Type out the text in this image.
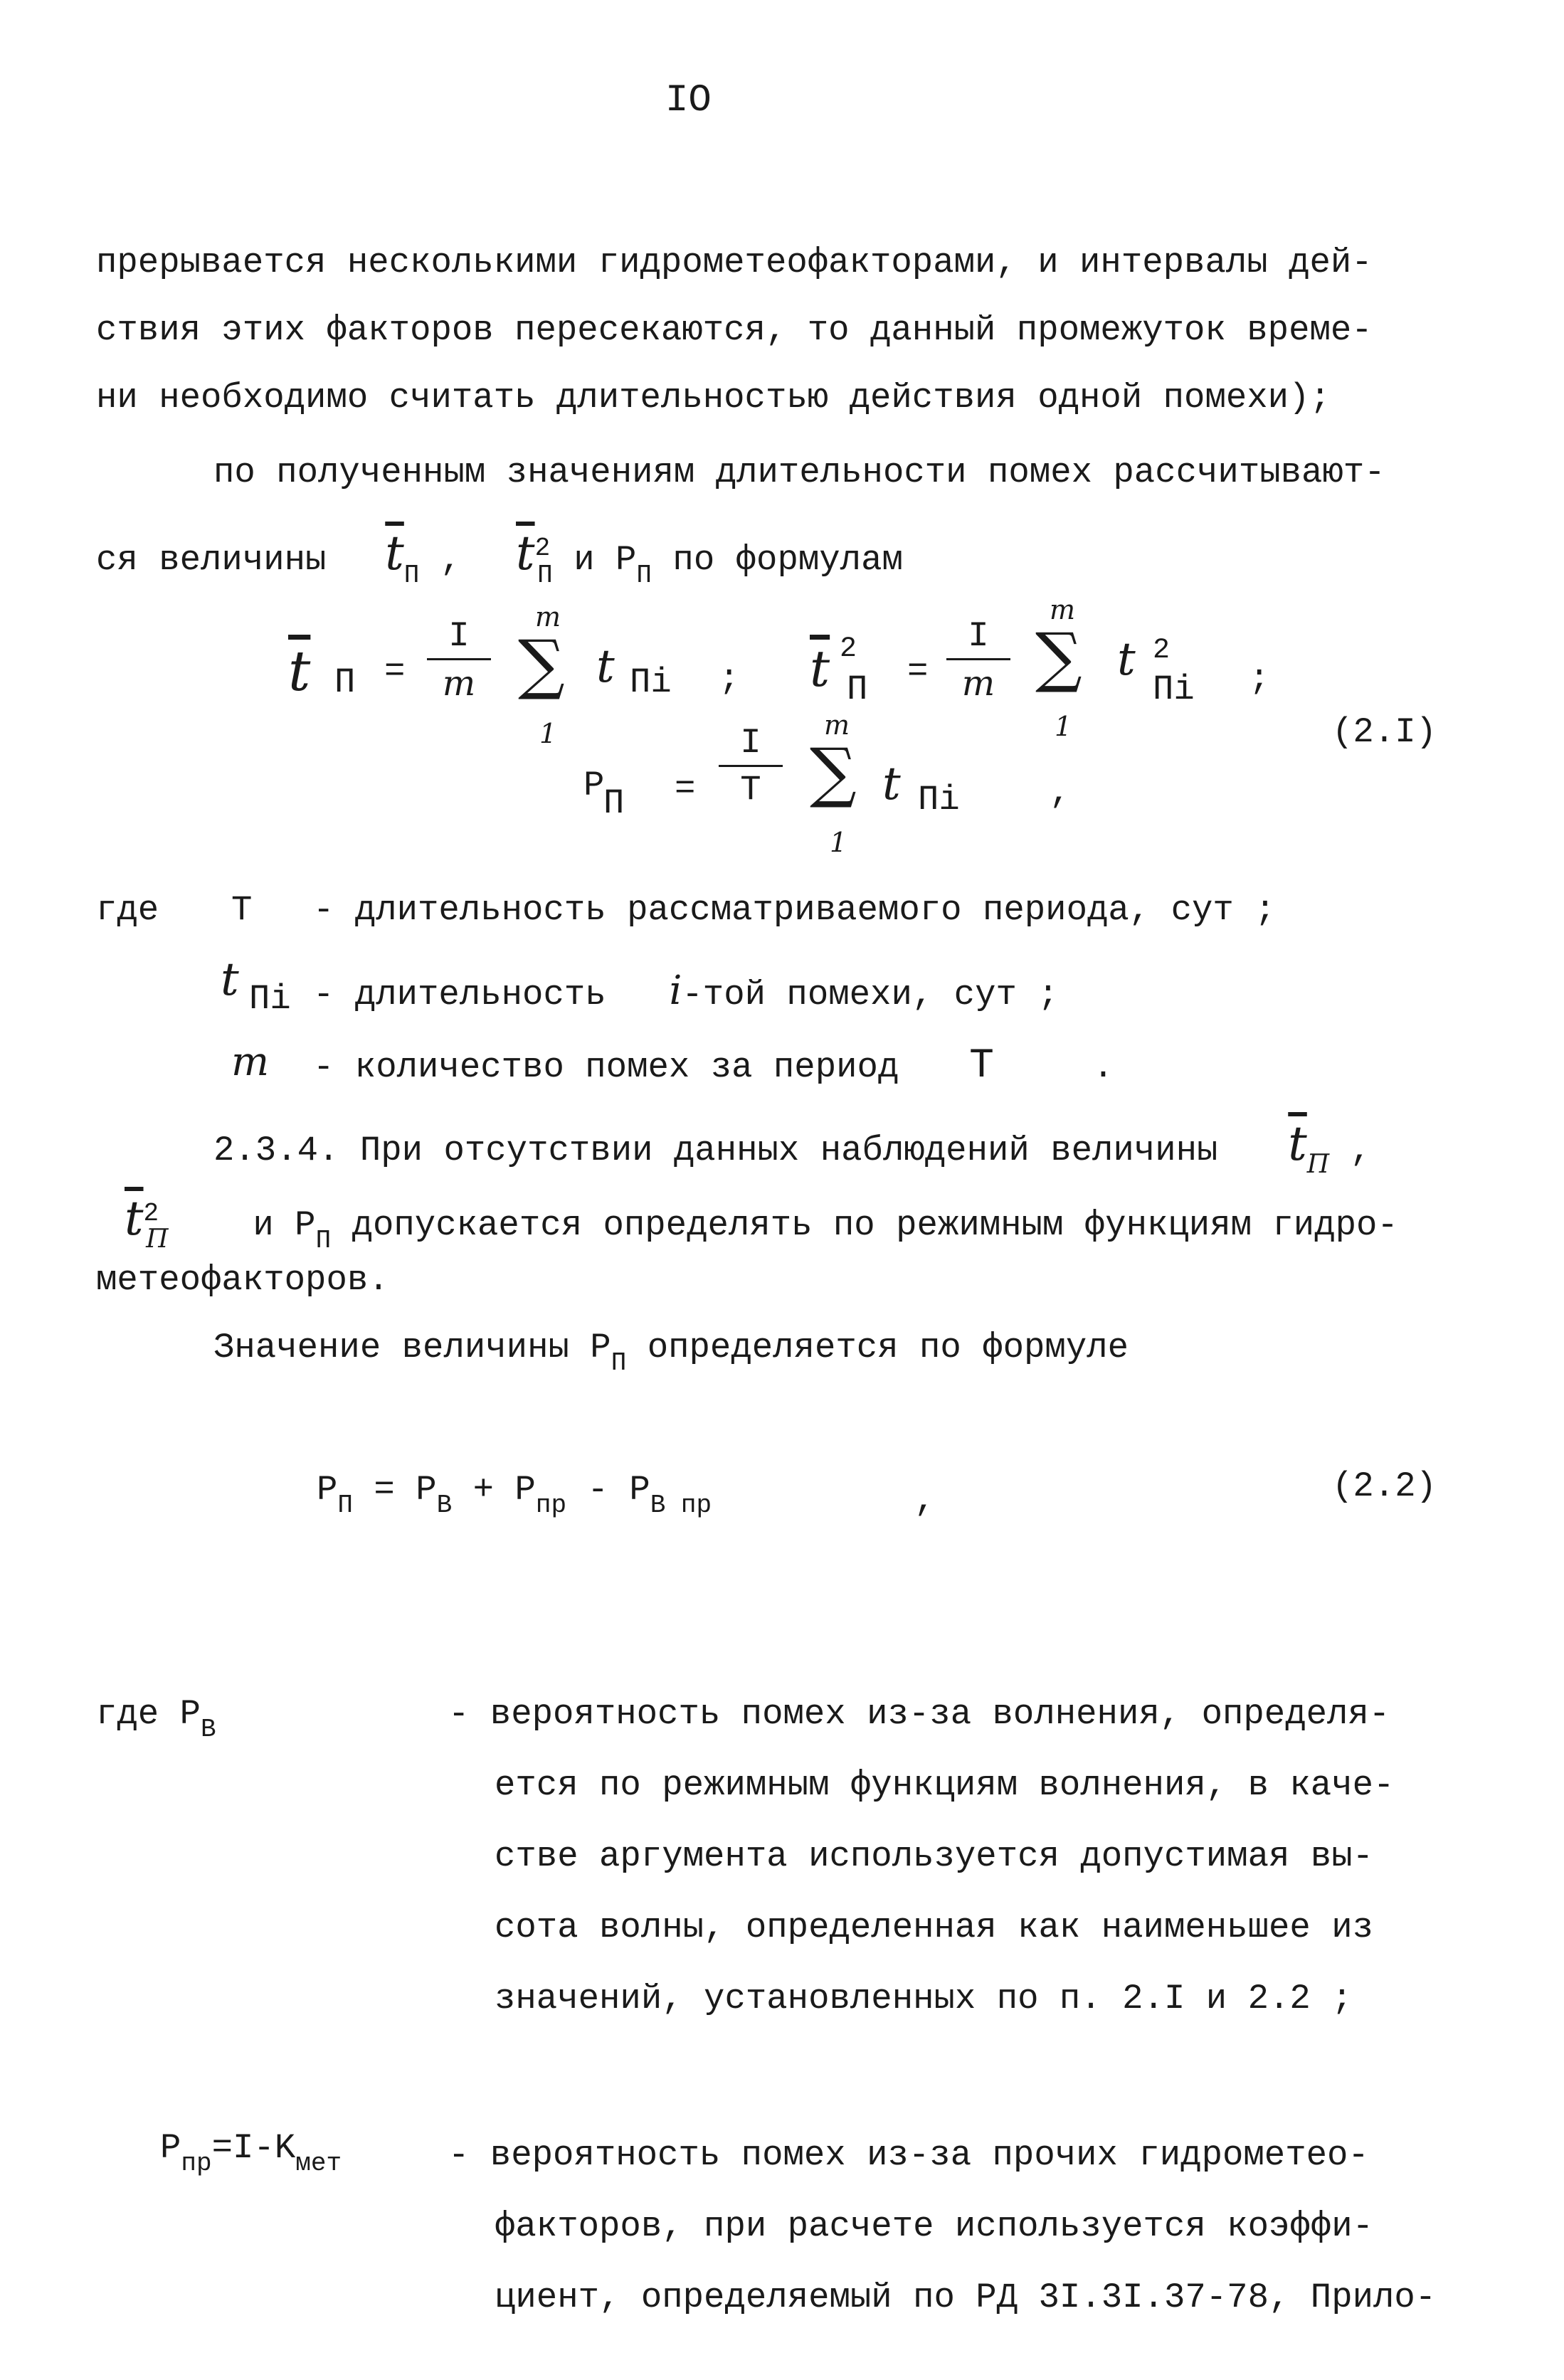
IO
прерывается несколькими гидрометеофакторами, и интервалы дей-
ствия этих факторов пересекаются, то данный промежуток време-
ни необходимо считать длительностью действия одной помехи);
по полученным значениям длительности помех рассчитывают-
ся величины $\overline{t}_П$ , $\overline{t}^2_П$ и $P_П$ по формулам
$\overline{t}$ $П = \frac{I}{m}$
m
∑
1
t Пi ; $\overline{t}$ 2
$П = \frac{I}{m}$
m
∑
1
t 2
Пi ;
(2.I)
P
$П = \frac{I}{T}$
m
∑
1
t Пi	,
где T - длительность рассматриваемого периода, сут ;
t Пi - длительность i-той помехи, сут ;
m - количество помех за период T	.
2.3.4. При отсутствии данных наблюдений величины $\overline{t}_П$ ,
$\overline{t}^2_П$ и $P_П$ допускается определять по режимным функциям гидро-
метеофакторов.
Значение величины $P_П$ определяется по формуле
$P_П = P_В + P_{пр} - P_{В пр}$	,	(2.2)
где $P_В$	- вероятность помех из-за волнения, определя-
ется по режимным функциям волнения, в каче-
стве аргумента используется допустимая вы-
сота волны, определенная как наименьшее из
значений, установленных по п. 2.I и 2.2 ;
$P_{пр}=I-K_{мет}$	- вероятность помех из-за прочих гидрометео-
факторов, при расчете используется коэффи-
циент, определяемый по РД 3I.3I.37-78, Прило-
